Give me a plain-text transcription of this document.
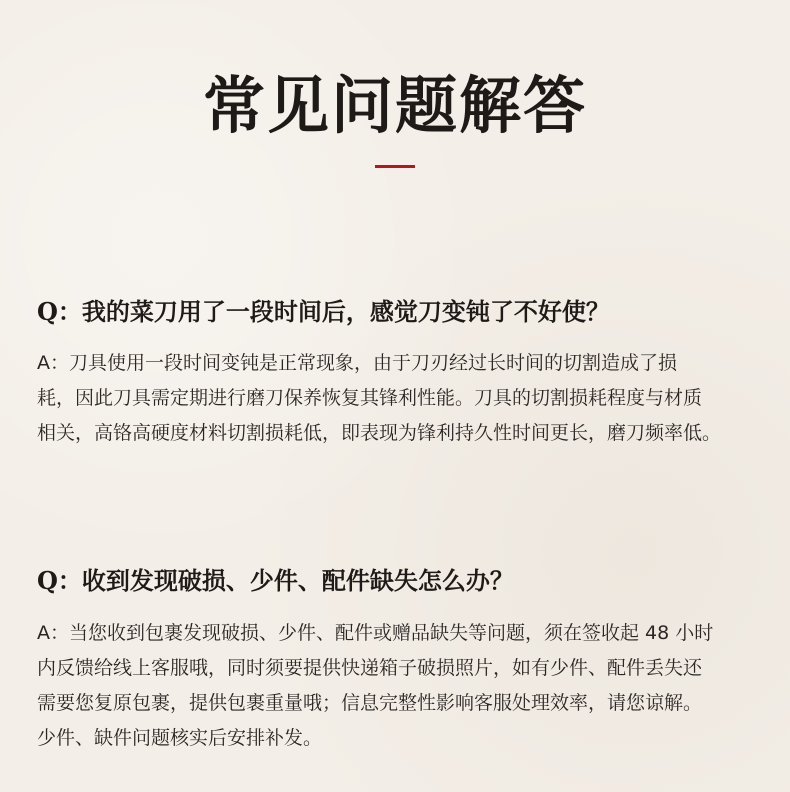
常见问题解答
Q：我的菜刀用了一段时间后，感觉刀变钝了不好使？
A：刀具使用一段时间变钝是正常现象，由于刀刃经过长时间的切割造成了损
耗，因此刀具需定期进行磨刀保养恢复其锋利性能。刀具的切割损耗程度与材质
相关，高铬高硬度材料切割损耗低，即表现为锋利持久性时间更长，磨刀频率低。
Q：收到发现破损、少件、配件缺失怎么办？
A：当您收到包裹发现破损、少件、配件或赠品缺失等问题，须在签收起 48 小时
内反馈给线上客服哦，同时须要提供快递箱子破损照片，如有少件、配件丢失还
需要您复原包裹，提供包裹重量哦；信息完整性影响客服处理效率，请您谅解。
少件、缺件问题核实后安排补发。
